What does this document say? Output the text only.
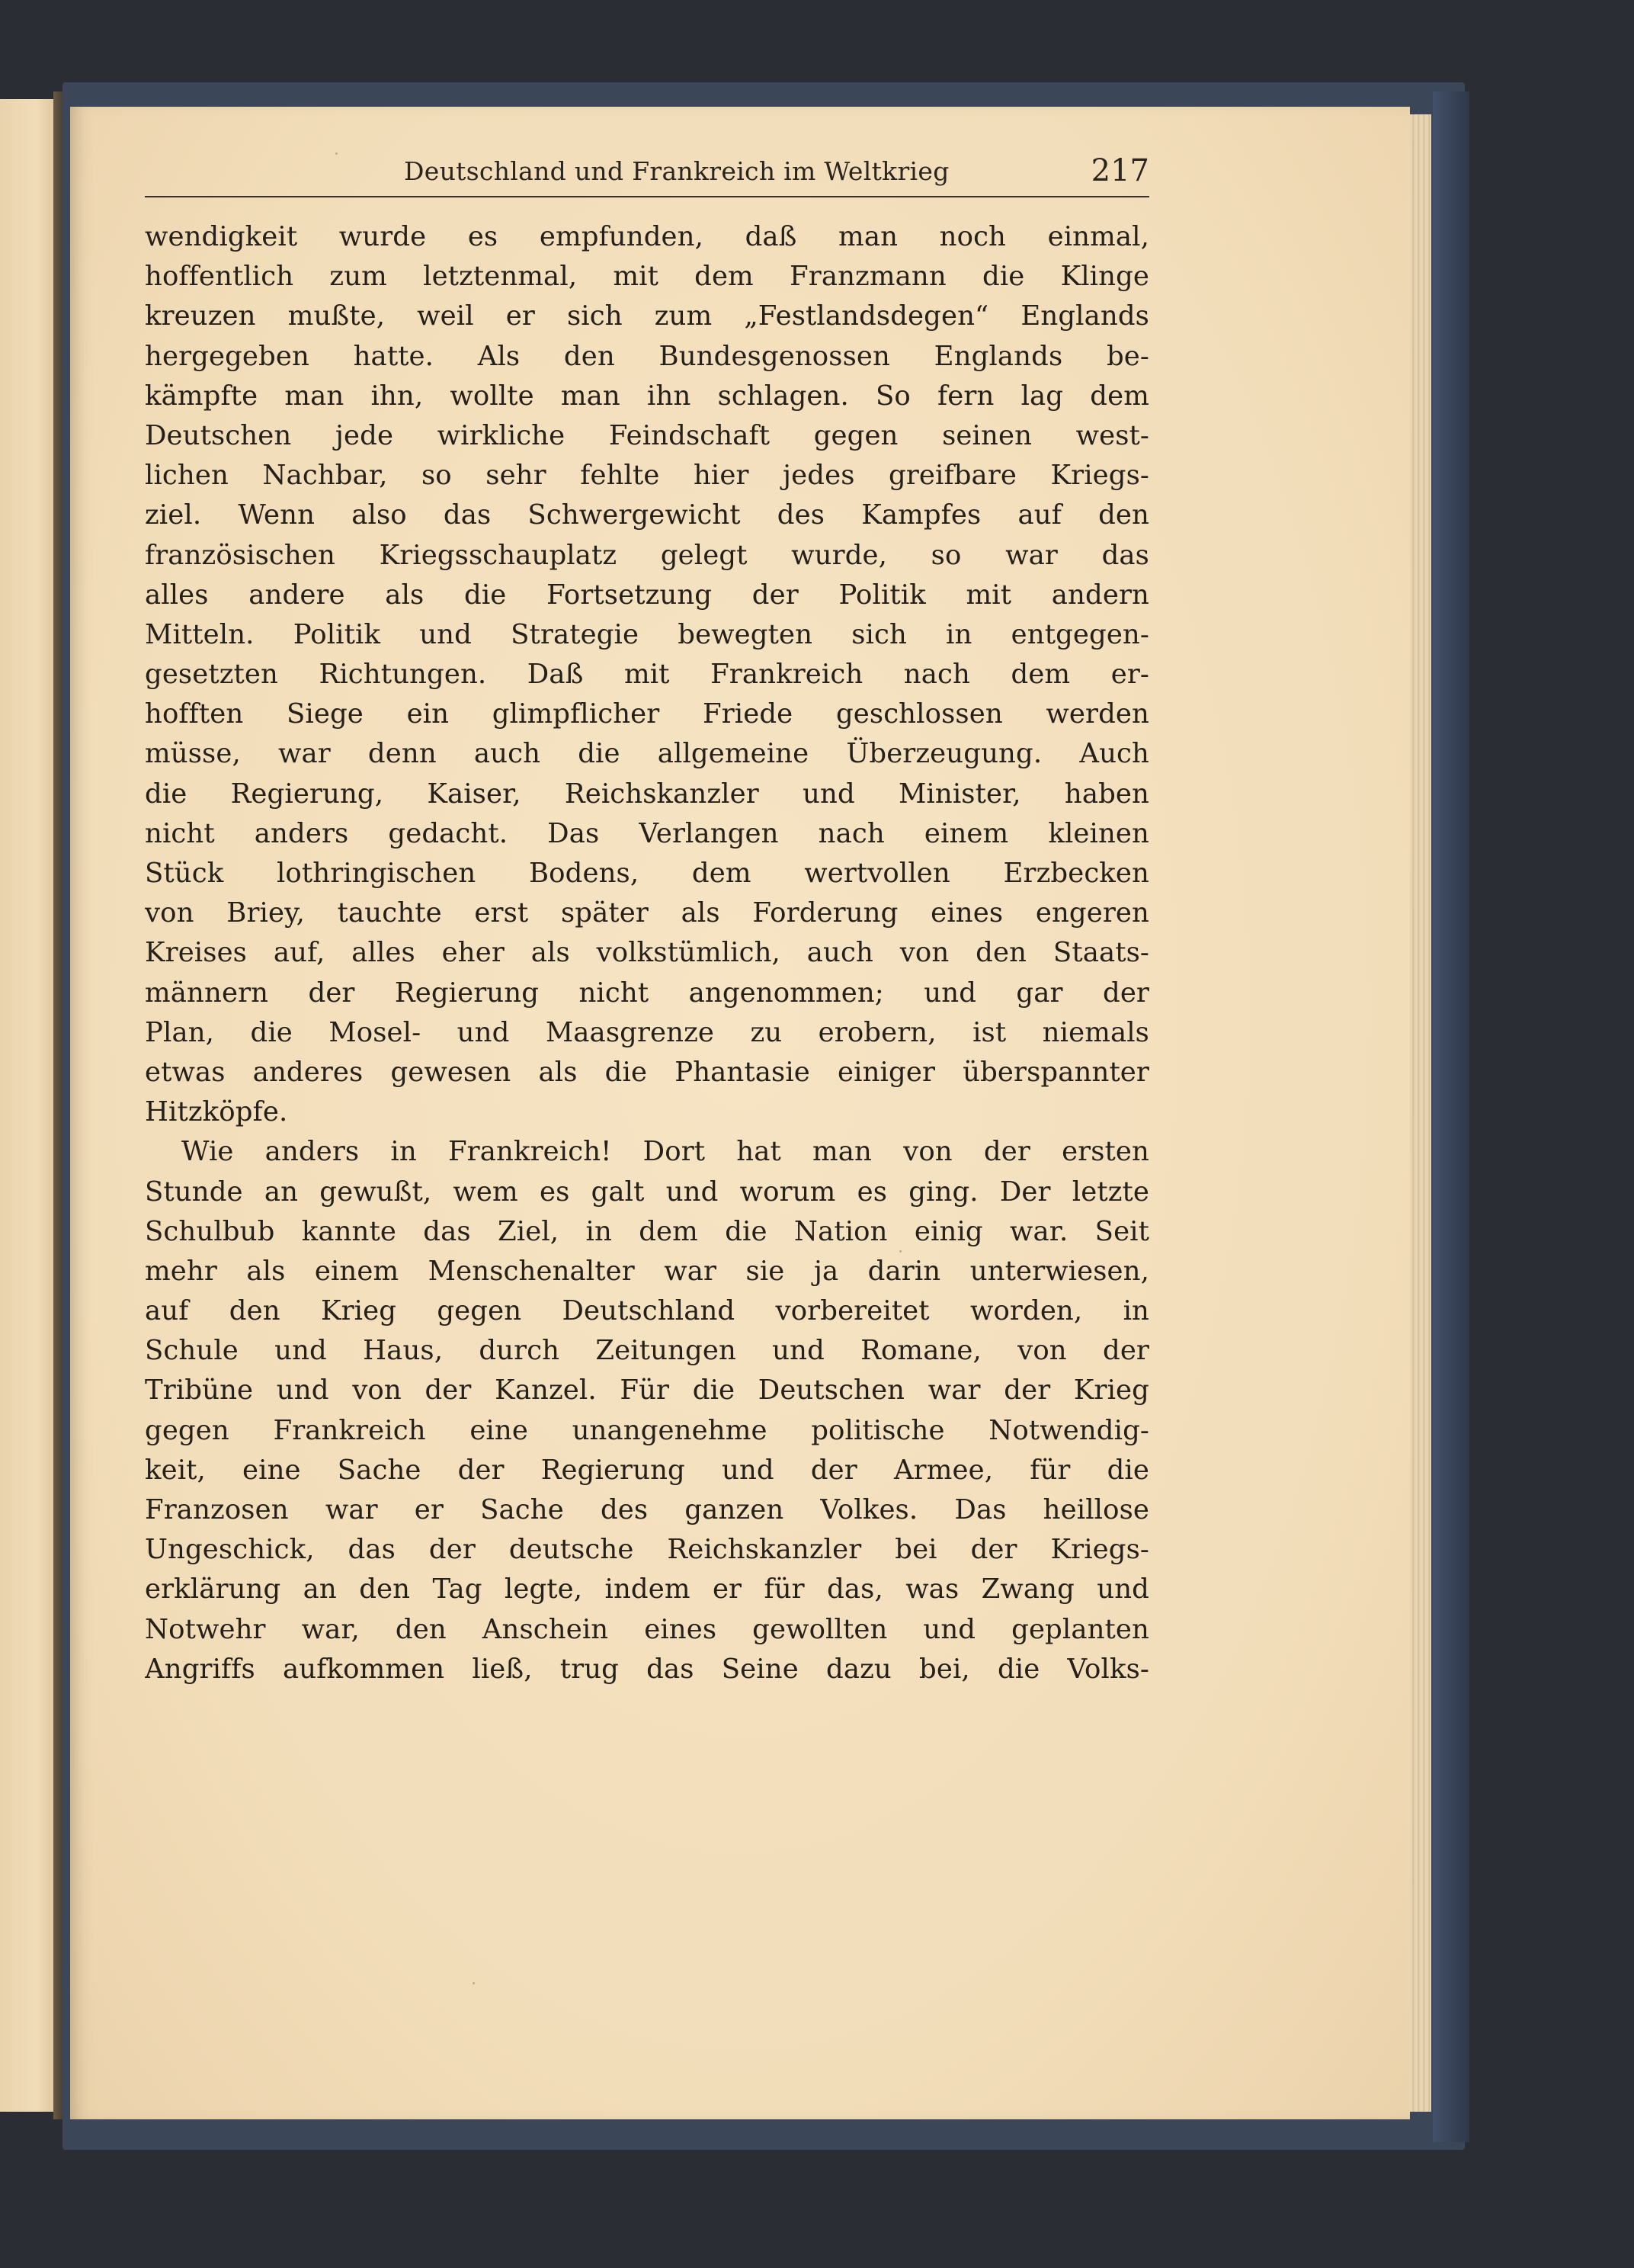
Deutschland und Frankreich im Weltkrieg	217
wendigkeit wurde es empfunden, daß man noch einmal,
hoffentlich zum letztenmal, mit dem Franzmann die Klinge
kreuzen mußte, weil er sich zum „Festlandsdegen“ Englands
hergegeben hatte. Als den Bundesgenossen Englands be-
kämpfte man ihn, wollte man ihn schlagen. So fern lag dem
Deutschen jede wirkliche Feindschaft gegen seinen west-
lichen Nachbar, so sehr fehlte hier jedes greifbare Kriegs-
ziel. Wenn also das Schwergewicht des Kampfes auf den
französischen Kriegsschauplatz gelegt wurde, so war das
alles andere als die Fortsetzung der Politik mit andern
Mitteln. Politik und Strategie bewegten sich in entgegen-
gesetzten Richtungen. Daß mit Frankreich nach dem er-
hofften Siege ein glimpflicher Friede geschlossen werden
müsse, war denn auch die allgemeine Überzeugung. Auch
die Regierung, Kaiser, Reichskanzler und Minister, haben
nicht anders gedacht. Das Verlangen nach einem kleinen
Stück lothringischen Bodens, dem wertvollen Erzbecken
von Briey, tauchte erst später als Forderung eines engeren
Kreises auf, alles eher als volkstümlich, auch von den Staats-
männern der Regierung nicht angenommen; und gar der
Plan, die Mosel- und Maasgrenze zu erobern, ist niemals
etwas anderes gewesen als die Phantasie einiger überspannter
Hitzköpfe.
Wie anders in Frankreich! Dort hat man von der ersten
Stunde an gewußt, wem es galt und worum es ging. Der letzte
Schulbub kannte das Ziel, in dem die Nation einig war. Seit
mehr als einem Menschenalter war sie ja darin unterwiesen,
auf den Krieg gegen Deutschland vorbereitet worden, in
Schule und Haus, durch Zeitungen und Romane, von der
Tribüne und von der Kanzel. Für die Deutschen war der Krieg
gegen Frankreich eine unangenehme politische Notwendig-
keit, eine Sache der Regierung und der Armee, für die
Franzosen war er Sache des ganzen Volkes. Das heillose
Ungeschick, das der deutsche Reichskanzler bei der Kriegs-
erklärung an den Tag legte, indem er für das, was Zwang und
Notwehr war, den Anschein eines gewollten und geplanten
Angriffs aufkommen ließ, trug das Seine dazu bei, die Volks-
